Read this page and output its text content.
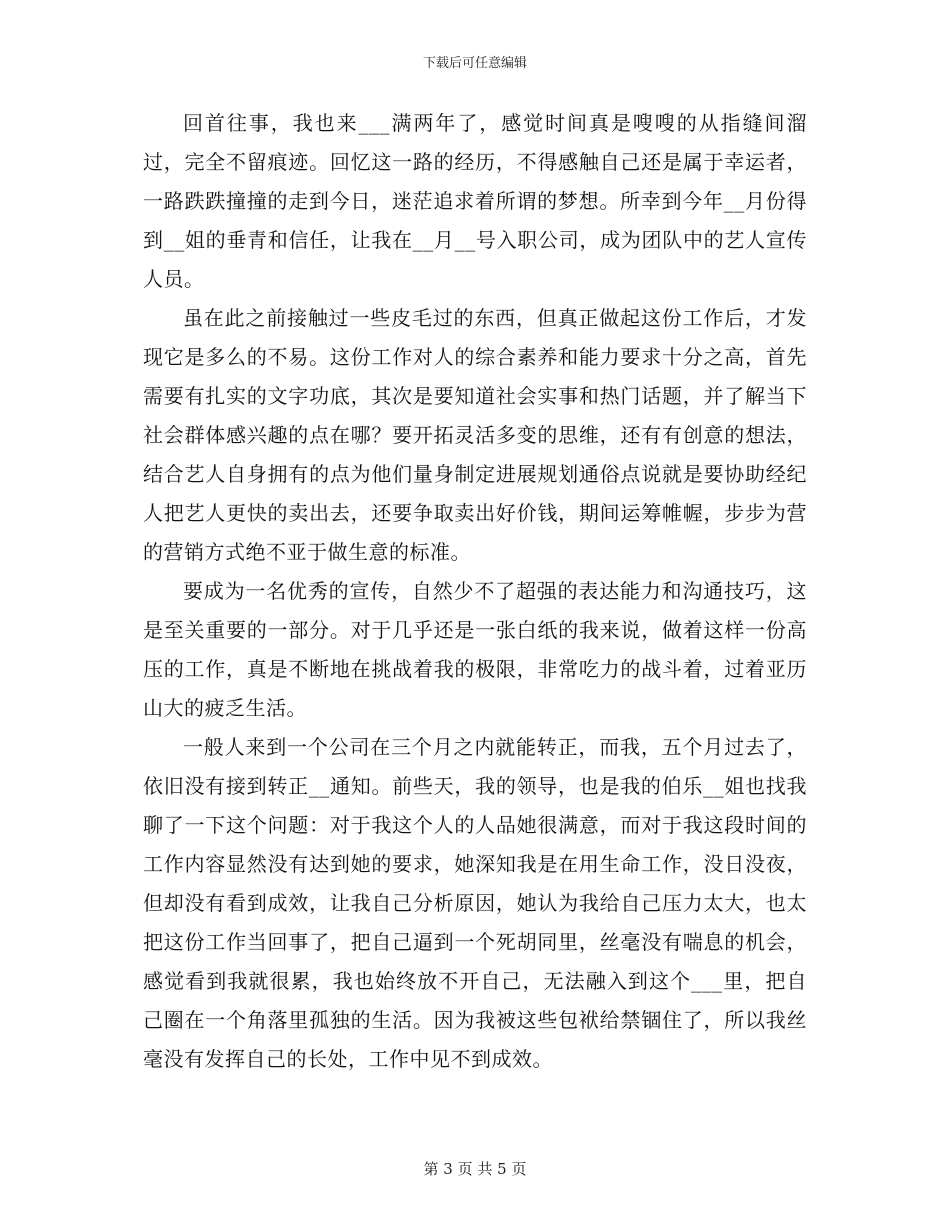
下载后可任意编辑

回首往事，我也来___满两年了，感觉时间真是嗖嗖的从指缝间溜过，完全不留痕迹。回忆这一路的经历，不得感触自己还是属于幸运者，一路跌跌撞撞的走到今日，迷茫追求着所谓的梦想。所幸到今年__月份得到__姐的垂青和信任，让我在__月__号入职公司，成为团队中的艺人宣传人员。

虽在此之前接触过一些皮毛过的东西，但真正做起这份工作后，才发现它是多么的不易。这份工作对人的综合素养和能力要求十分之高，首先需要有扎实的文字功底，其次是要知道社会实事和热门话题，并了解当下社会群体感兴趣的点在哪？要开拓灵活多变的思维，还有有创意的想法，结合艺人自身拥有的点为他们量身制定进展规划通俗点说就是要协助经纪人把艺人更快的卖出去，还要争取卖出好价钱，期间运筹帷幄，步步为营的营销方式绝不亚于做生意的标准。

要成为一名优秀的宣传，自然少不了超强的表达能力和沟通技巧，这是至关重要的一部分。对于几乎还是一张白纸的我来说，做着这样一份高压的工作，真是不断地在挑战着我的极限，非常吃力的战斗着，过着亚历山大的疲乏生活。

一般人来到一个公司在三个月之内就能转正，而我，五个月过去了，依旧没有接到转正__通知。前些天，我的领导，也是我的伯乐__姐也找我聊了一下这个问题：对于我这个人的人品她很满意，而对于我这段时间的工作内容显然没有达到她的要求，她深知我是在用生命工作，没日没夜，但却没有看到成效，让我自己分析原因，她认为我给自己压力太大，也太把这份工作当回事了，把自己逼到一个死胡同里，丝毫没有喘息的机会，感觉看到我就很累，我也始终放不开自己，无法融入到这个___里，把自己圈在一个角落里孤独的生活。因为我被这些包袱给禁锢住了，所以我丝毫没有发挥自己的长处，工作中见不到成效。

第 3 页 共 5 页
